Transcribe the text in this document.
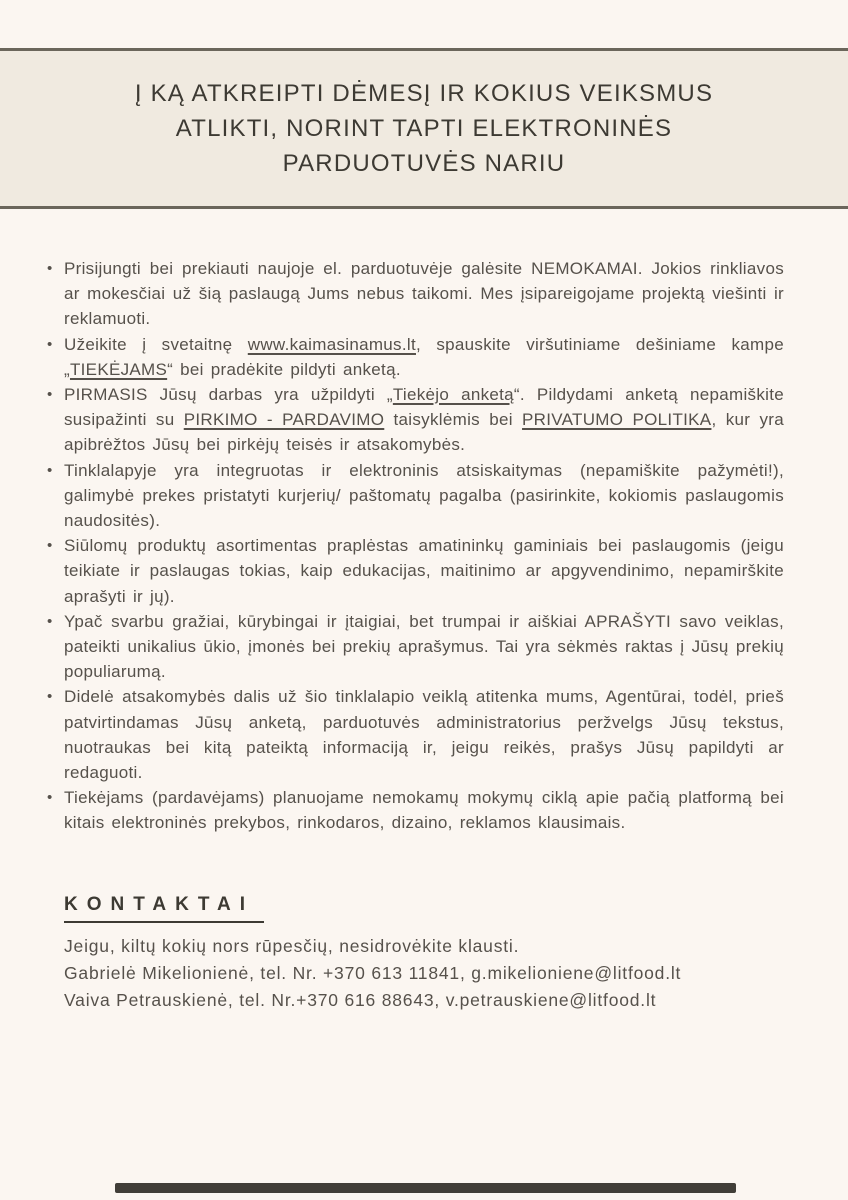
Į KĄ ATKREIPTI DĖMESĮ IR KOKIUS VEIKSMUS
ATLIKTI, NORINT TAPTI ELEKTRONINĖS
PARDUOTUVĖS NARIU
• Prisijungti bei prekiauti naujoje el. parduotuvėje galėsite NEMOKAMAI. Jokios rinkliavos ar mokesčiai už šią paslaugą Jums nebus taikomi. Mes įsipareigojame projektą viešinti ir reklamuoti.
• Užeikite į svetaitnę www.kaimasinamus.lt, spauskite viršutiniame dešiniame kampe „TIEKĖJAMS“ bei pradėkite pildyti anketą.
• PIRMASIS Jūsų darbas yra užpildyti „Tiekėjo anketą“. Pildydami anketą nepamiškite susipažinti su PIRKIMO - PARDAVIMO taisyklėmis bei PRIVATUMO POLITIKA, kur yra apibrėžtos Jūsų bei pirkėjų teisės ir atsakomybės.
• Tinklalapyje yra integruotas ir elektroninis atsiskaitymas (nepamiškite pažymėti!), galimybė prekes pristatyti kurjerių/ paštomatų pagalba (pasirinkite, kokiomis paslaugomis naudositės).
• Siūlomų produktų asortimentas praplėstas amatininkų gaminiais bei paslaugomis (jeigu teikiate ir paslaugas tokias, kaip edukacijas, maitinimo ar apgyvendinimo, nepamirškite aprašyti ir jų).
• Ypač svarbu gražiai, kūrybingai ir įtaigiai, bet trumpai ir aiškiai APRAŠYTI savo veiklas, pateikti unikalius ūkio, įmonės bei prekių aprašymus. Tai yra sėkmės raktas į Jūsų prekių populiarumą.
• Didelė atsakomybės dalis už šio tinklalapio veiklą atitenka mums, Agentūrai, todėl, prieš patvirtindamas Jūsų anketą, parduotuvės administratorius peržvelgs Jūsų tekstus, nuotraukas bei kitą pateiktą informaciją ir, jeigu reikės, prašys Jūsų papildyti ar redaguoti.
• Tiekėjams (pardavėjams) planuojame nemokamų mokymų ciklą apie pačią platformą bei kitais elektroninės prekybos, rinkodaros, dizaino, reklamos klausimais.
KONTAKTAI
Jeigu, kiltų kokių nors rūpesčių, nesidrovėkite klausti.
Gabrielė Mikelionienė, tel. Nr. +370 613 11841, g.mikelioniene@litfood.lt
Vaiva Petrauskienė, tel. Nr.+370 616 88643, v.petrauskiene@litfood.lt
